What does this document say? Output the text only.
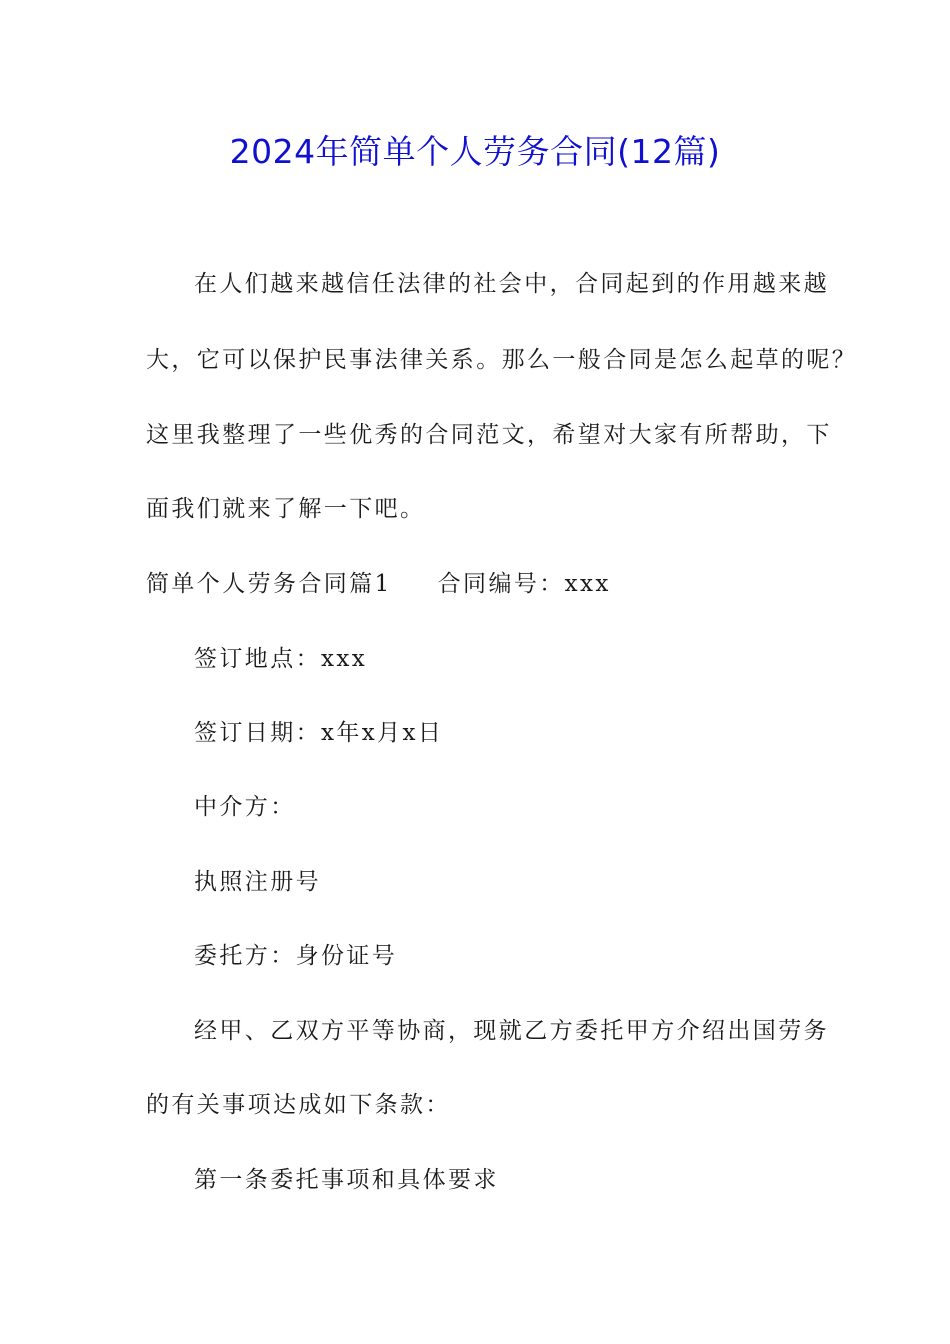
2024年简单个人劳务合同(12篇)
在人们越来越信任法律的社会中，合同起到的作用越来越
大，它可以保护民事法律关系。那么一般合同是怎么起草的呢？
这里我整理了一些优秀的合同范文，希望对大家有所帮助，下
面我们就来了解一下吧。
简单个人劳务合同篇1 合同编号：xxx
签订地点：xxx
签订日期：x年x月x日
中介方：
执照注册号
委托方：身份证号
经甲、乙双方平等协商，现就乙方委托甲方介绍出国劳务
的有关事项达成如下条款：
第一条委托事项和具体要求
